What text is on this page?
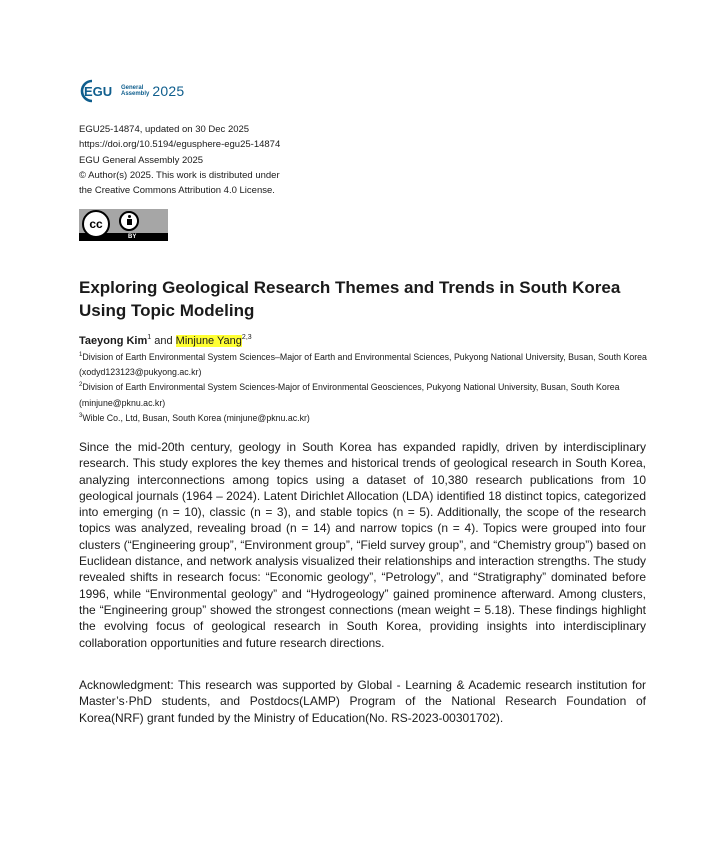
EGU General
Assembly 2025
EGU25-14874, updated on 30 Dec 2025
https://doi.org/10.5194/egusphere-egu25-14874
EGU General Assembly 2025
© Author(s) 2025. This work is distributed under
the Creative Commons Attribution 4.0 License.
cc
BY
Exploring Geological Research Themes and Trends in South Korea Using Topic Modeling
Taeyong Kim$^1$ and Minjune Yang$^{2,3}$
$^1$Division of Earth Environmental System Sciences–Major of Earth and Environmental Sciences, Pukyong National University, Busan, South Korea (xodyd123123@pukyong.ac.kr)
$^2$Division of Earth Environmental System Sciences-Major of Environmental Geosciences, Pukyong National University, Busan, South Korea (minjune@pknu.ac.kr)
$^3$Wible Co., Ltd, Busan, South Korea (minjune@pknu.ac.kr)
Since the mid-20th century, geology in South Korea has expanded rapidly, driven by interdisciplinary research. This study explores the key themes and historical trends of geological research in South Korea, analyzing interconnections among topics using a dataset of 10,380 research publications from 10 geological journals (1964 – 2024). Latent Dirichlet Allocation (LDA) identified 18 distinct topics, categorized into emerging (n = 10), classic (n = 3), and stable topics (n = 5). Additionally, the scope of the research topics was analyzed, revealing broad (n = 14) and narrow topics (n = 4). Topics were grouped into four clusters (“Engineering group”, “Environment group”, “Field survey group”, and “Chemistry group”) based on Euclidean distance, and network analysis visualized their relationships and interaction strengths. The study revealed shifts in research focus: “Economic geology”, “Petrology”, and “Stratigraphy” dominated before 1996, while “Environmental geology” and “Hydrogeology” gained prominence afterward. Among clusters, the “Engineering group” showed the strongest connections (mean weight = 5.18). These findings highlight the evolving focus of geological research in South Korea, providing insights into interdisciplinary collaboration opportunities and future research directions.
Acknowledgment: This research was supported by Global - Learning & Academic research institution for Master’s·PhD students, and Postdocs(LAMP) Program of the National Research Foundation of Korea(NRF) grant funded by the Ministry of Education(No. RS-2023-00301702).
